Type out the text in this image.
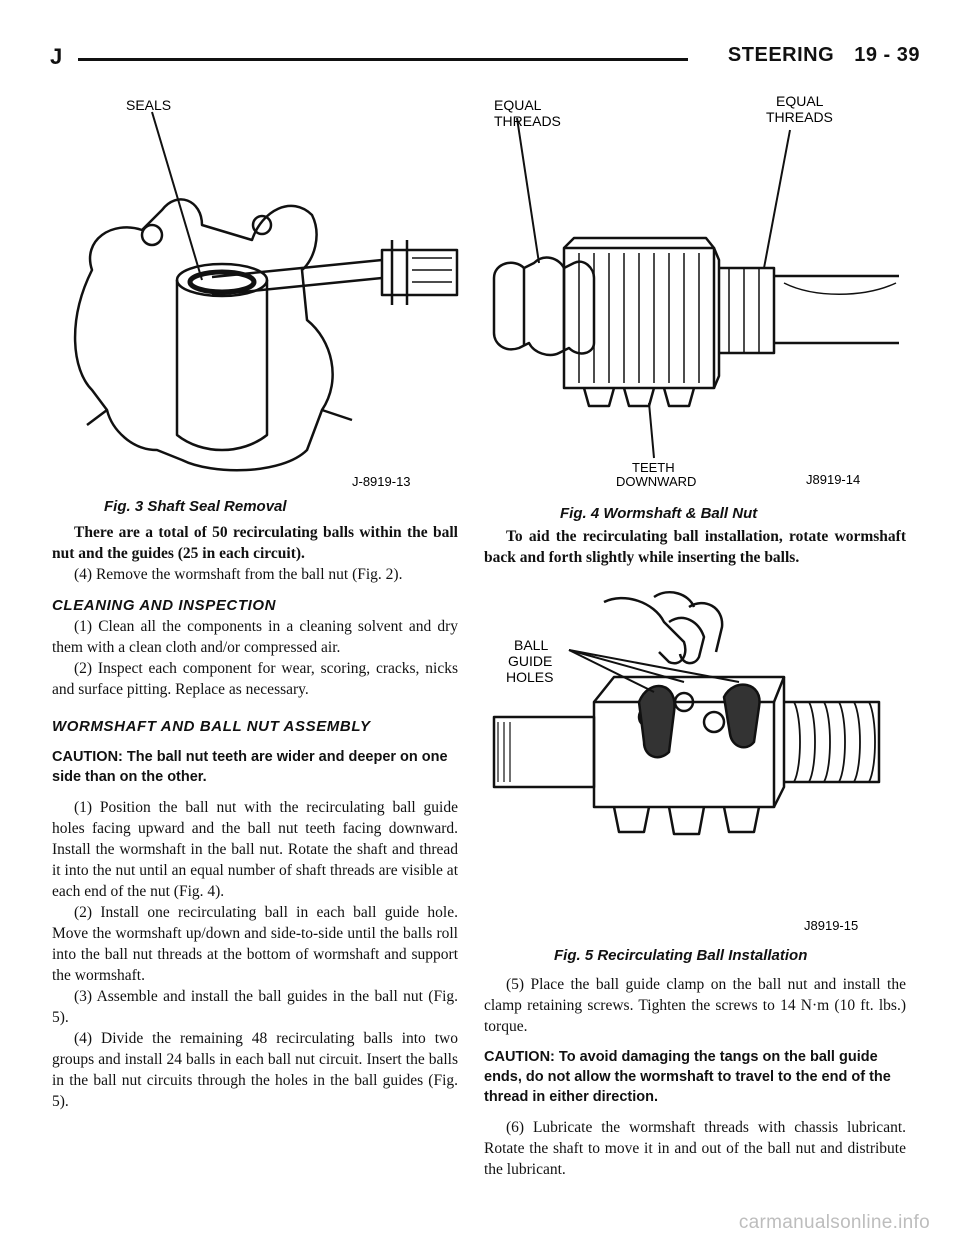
J	STEERING 19 - 39
SEALS
J-8919-13
Fig. 3 Shaft Seal Removal
EQUAL
THREADS
EQUAL
THREADS
TEETH
DOWNWARD	J8919-14
Fig. 4 Wormshaft & Ball Nut
BALL
GUIDE
HOLES
J8919-15
Fig. 5 Recirculating Ball Installation

There are a total of 50 recirculating balls within the ball nut and the guides (25 in each circuit).

(4) Remove the wormshaft from the ball nut (Fig. 2).

CLEANING AND INSPECTION

(1) Clean all the components in a cleaning solvent and dry them with a clean cloth and/or compressed air.

(2) Inspect each component for wear, scoring, cracks, nicks and surface pitting. Replace as necessary.

WORMSHAFT AND BALL NUT ASSEMBLY

CAUTION: The ball nut teeth are wider and deeper on one side than on the other.

(1) Position the ball nut with the recirculating ball guide holes facing upward and the ball nut teeth facing downward. Install the wormshaft in the ball nut. Rotate the shaft and thread it into the nut until an equal number of shaft threads are visible at each end of the nut (Fig. 4).

(2) Install one recirculating ball in each ball guide hole. Move the wormshaft up/down and side-to-side until the balls roll into the ball nut threads at the bottom of wormshaft and support the wormshaft.

(3) Assemble and install the ball guides in the ball nut (Fig. 5).

(4) Divide the remaining 48 recirculating balls into two groups and install 24 balls in each ball nut circuit. Insert the balls in the ball nut circuits through the holes in the ball guides (Fig. 5).

To aid the recirculating ball installation, rotate wormshaft back and forth slightly while inserting the balls.

(5) Place the ball guide clamp on the ball nut and install the clamp retaining screws. Tighten the screws to 14 N·m (10 ft. lbs.) torque.

CAUTION: To avoid damaging the tangs on the ball guide ends, do not allow the wormshaft to travel to the end of the thread in either direction.

(6) Lubricate the wormshaft threads with chassis lubricant. Rotate the shaft to move it in and out of the ball nut and distribute the lubricant.

carmanualsonline.info
